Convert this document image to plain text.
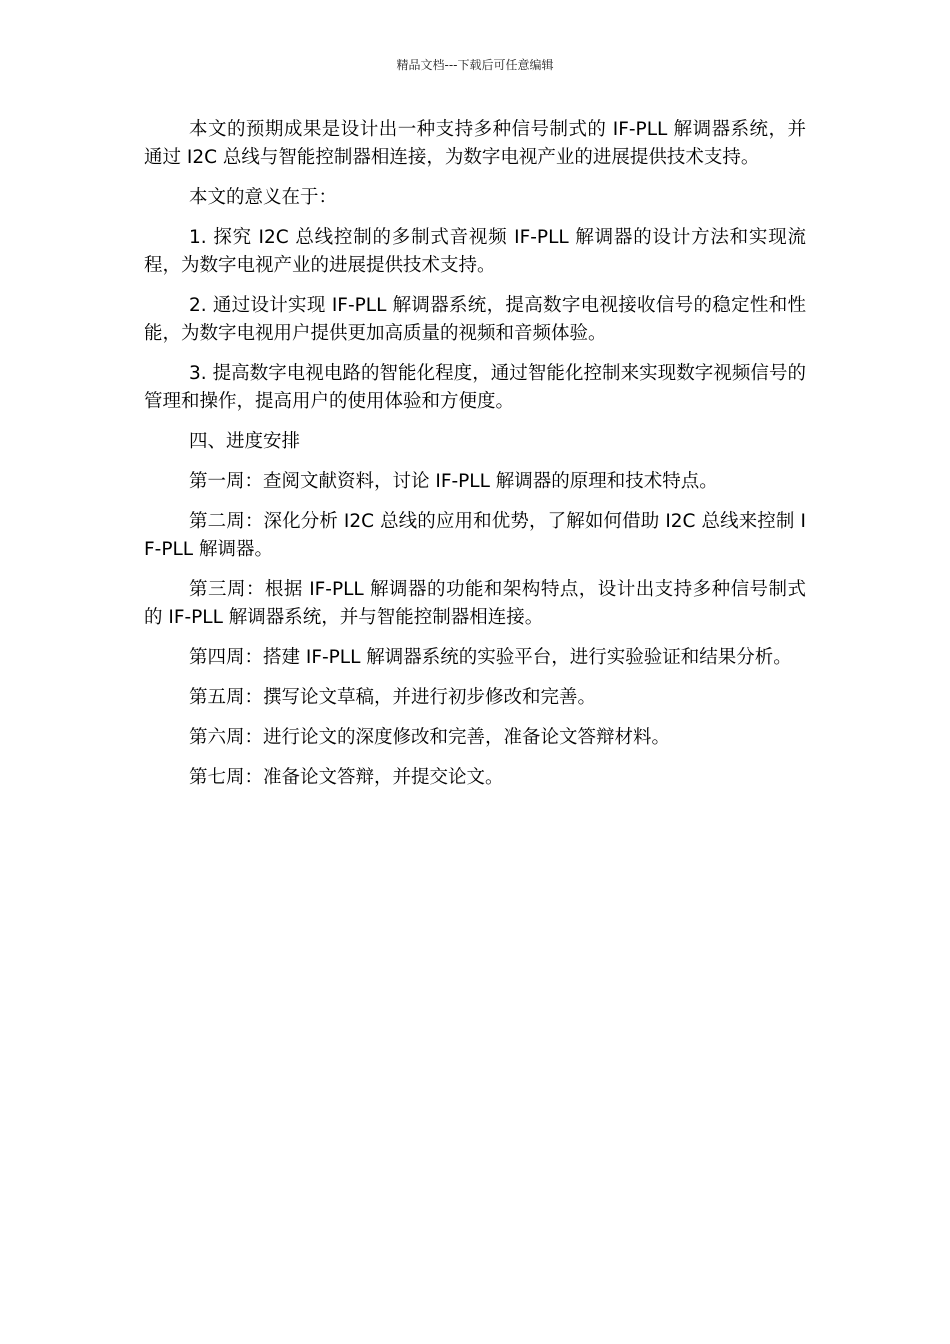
精品文档---下载后可任意编辑

本文的预期成果是设计出一种支持多种信号制式的 IF-PLL 解调器系统，并通过 I2C 总线与智能控制器相连接，为数字电视产业的进展提供技术支持。

本文的意义在于：

1. 探究 I2C 总线控制的多制式音视频 IF-PLL 解调器的设计方法和实现流程，为数字电视产业的进展提供技术支持。

2. 通过设计实现 IF-PLL 解调器系统，提高数字电视接收信号的稳定性和性能，为数字电视用户提供更加高质量的视频和音频体验。

3. 提高数字电视电路的智能化程度，通过智能化控制来实现数字视频信号的管理和操作，提高用户的使用体验和方便度。

四、进度安排

第一周：查阅文献资料，讨论 IF-PLL 解调器的原理和技术特点。

第二周：深化分析 I2C 总线的应用和优势，了解如何借助 I2C 总线来控制 IF-PLL 解调器。

第三周：根据 IF-PLL 解调器的功能和架构特点，设计出支持多种信号制式的 IF-PLL 解调器系统，并与智能控制器相连接。

第四周：搭建 IF-PLL 解调器系统的实验平台，进行实验验证和结果分析。

第五周：撰写论文草稿，并进行初步修改和完善。

第六周：进行论文的深度修改和完善，准备论文答辩材料。

第七周：准备论文答辩，并提交论文。
